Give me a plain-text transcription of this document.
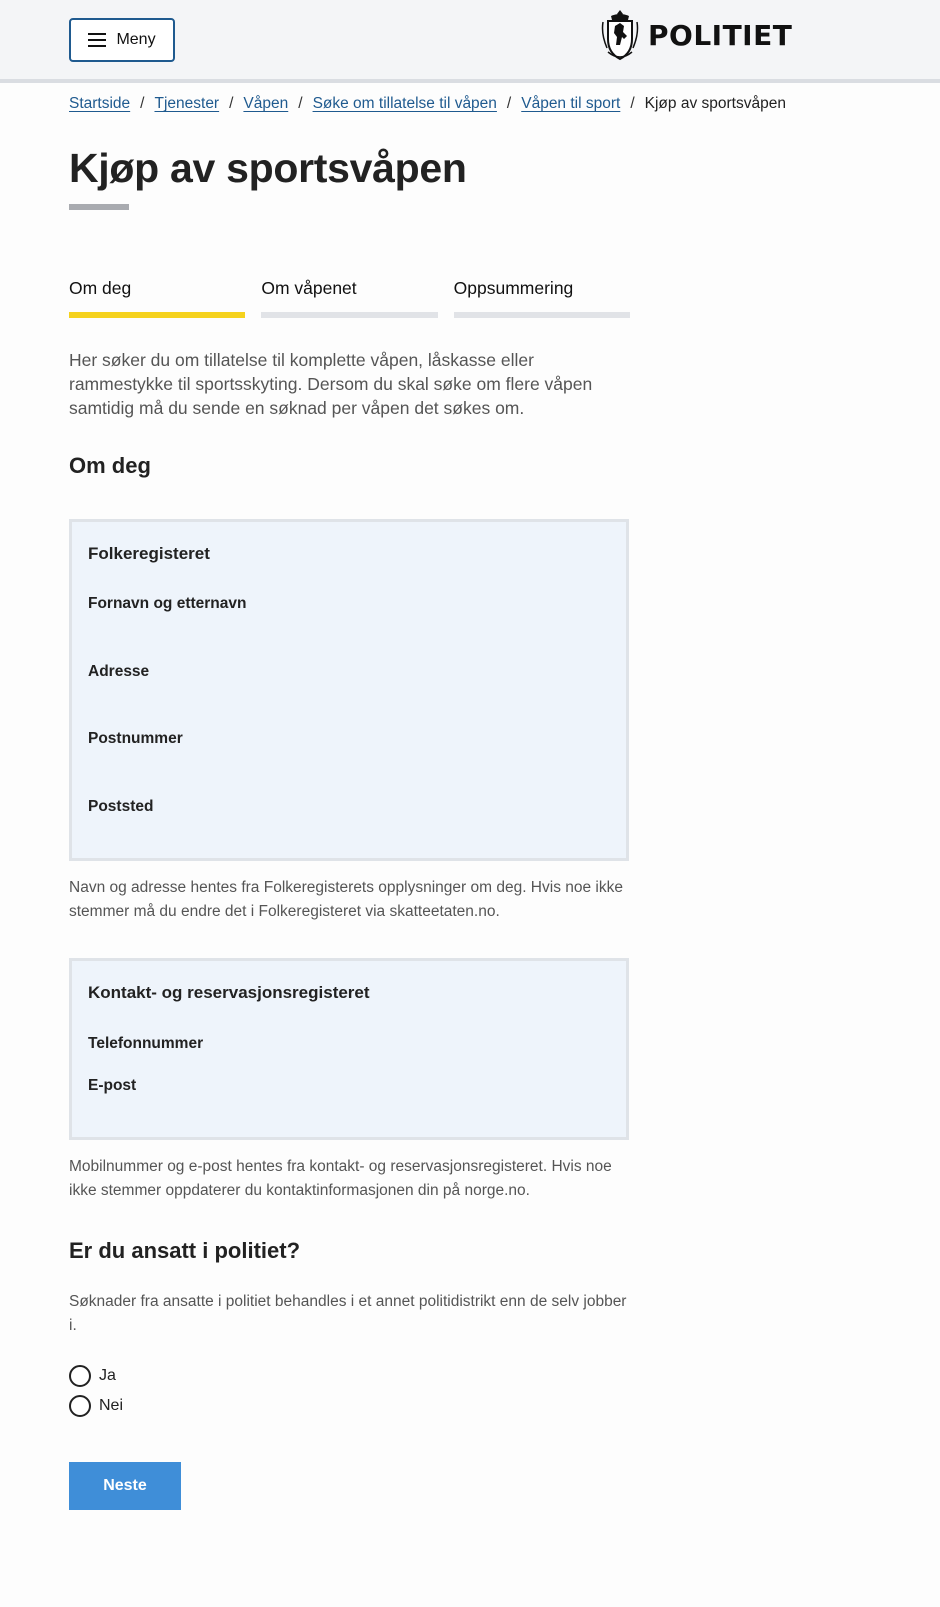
Meny	POLITIET
Startside / Tjenester / Våpen / Søke om tillatelse til våpen / Våpen til sport / Kjøp av sportsvåpen
Kjøp av sportsvåpen
Om deg	Om våpenet	Oppsummering

Her søker du om tillatelse til komplette våpen, låskasse eller rammestykke til sportsskyting. Dersom du skal søke om flere våpen samtidig må du sende en søknad per våpen det søkes om.

Om deg
Folkeregisteret
Fornavn og etternavn
Adresse
Postnummer
Poststed

Navn og adresse hentes fra Folkeregisterets opplysninger om deg. Hvis noe ikke stemmer må du endre det i Folkeregisteret via skatteetaten.no.

Kontakt- og reservasjonsregisteret
Telefonnummer
E-post

Mobilnummer og e-post hentes fra kontakt- og reservasjonsregisteret. Hvis noe ikke stemmer oppdaterer du kontaktinformasjonen din på norge.no.

Er du ansatt i politiet?

Søknader fra ansatte i politiet behandles i et annet politidistrikt enn de selv jobber i.

Ja
Nei
Neste
